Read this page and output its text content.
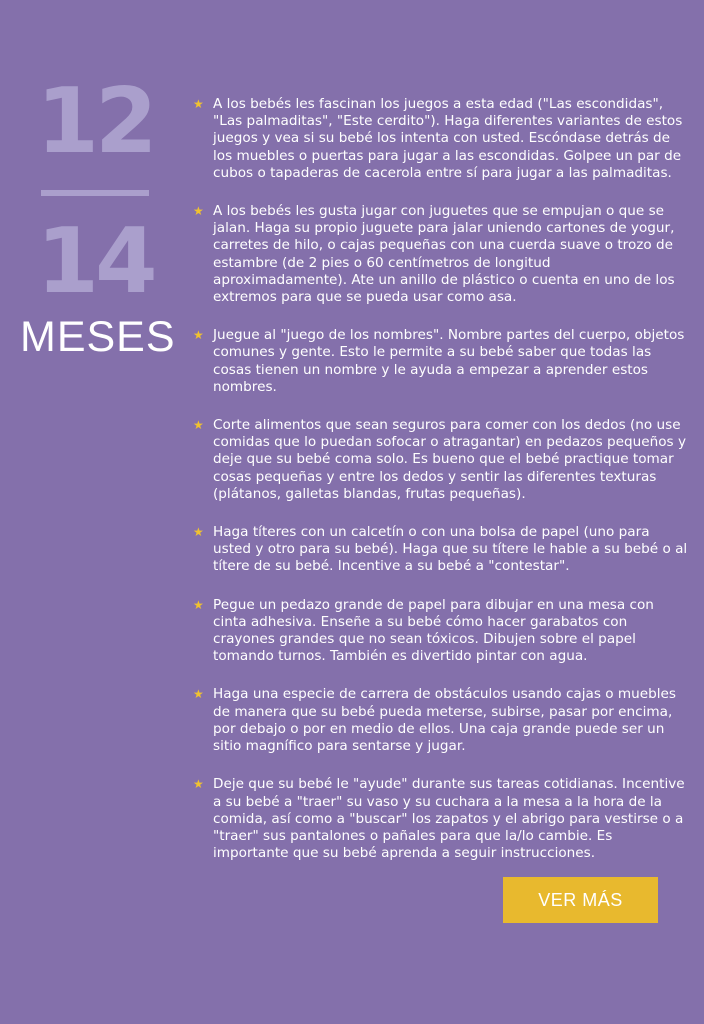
12
14
MESES
★ A los bebés les fascinan los juegos a esta edad ("Las escondidas", "Las palmaditas", "Este cerdito"). Haga diferentes variantes de estos juegos y vea si su bebé los intenta con usted. Escóndase detrás de los muebles o puertas para jugar a las escondidas. Golpee un par de cubos o tapaderas de cacerola entre sí para jugar a las palmaditas.
★ A los bebés les gusta jugar con juguetes que se empujan o que se jalan. Haga su propio juguete para jalar uniendo cartones de yogur, carretes de hilo, o cajas pequeñas con una cuerda suave o trozo de estambre (de 2 pies o 60 centímetros de longitud aproximadamente). Ate un anillo de plástico o cuenta en uno de los extremos para que se pueda usar como asa.
★ Juegue al "juego de los nombres". Nombre partes del cuerpo, objetos comunes y gente. Esto le permite a su bebé saber que todas las cosas tienen un nombre y le ayuda a empezar a aprender estos nombres.
★ Corte alimentos que sean seguros para comer con los dedos (no use comidas que lo puedan sofocar o atragantar) en pedazos pequeños y deje que su bebé coma solo. Es bueno que el bebé practique tomar cosas pequeñas y entre los dedos y sentir las diferentes texturas (plátanos, galletas blandas, frutas pequeñas).
★ Haga títeres con un calcetín o con una bolsa de papel (uno para usted y otro para su bebé). Haga que su títere le hable a su bebé o al títere de su bebé. Incentive a su bebé a "contestar".
★ Pegue un pedazo grande de papel para dibujar en una mesa con cinta adhesiva. Enseñe a su bebé cómo hacer garabatos con crayones grandes que no sean tóxicos. Dibujen sobre el papel tomando turnos. También es divertido pintar con agua.
★ Haga una especie de carrera de obstáculos usando cajas o muebles de manera que su bebé pueda meterse, subirse, pasar por encima, por debajo o por en medio de ellos. Una caja grande puede ser un sitio magnífico para sentarse y jugar.
★ Deje que su bebé le "ayude" durante sus tareas cotidianas. Incentive a su bebé a "traer" su vaso y su cuchara a la mesa a la hora de la comida, así como a "buscar" los zapatos y el abrigo para vestirse o a "traer" sus pantalones o pañales para que la/lo cambie. Es importante que su bebé aprenda a seguir instrucciones.
VER MÁS
